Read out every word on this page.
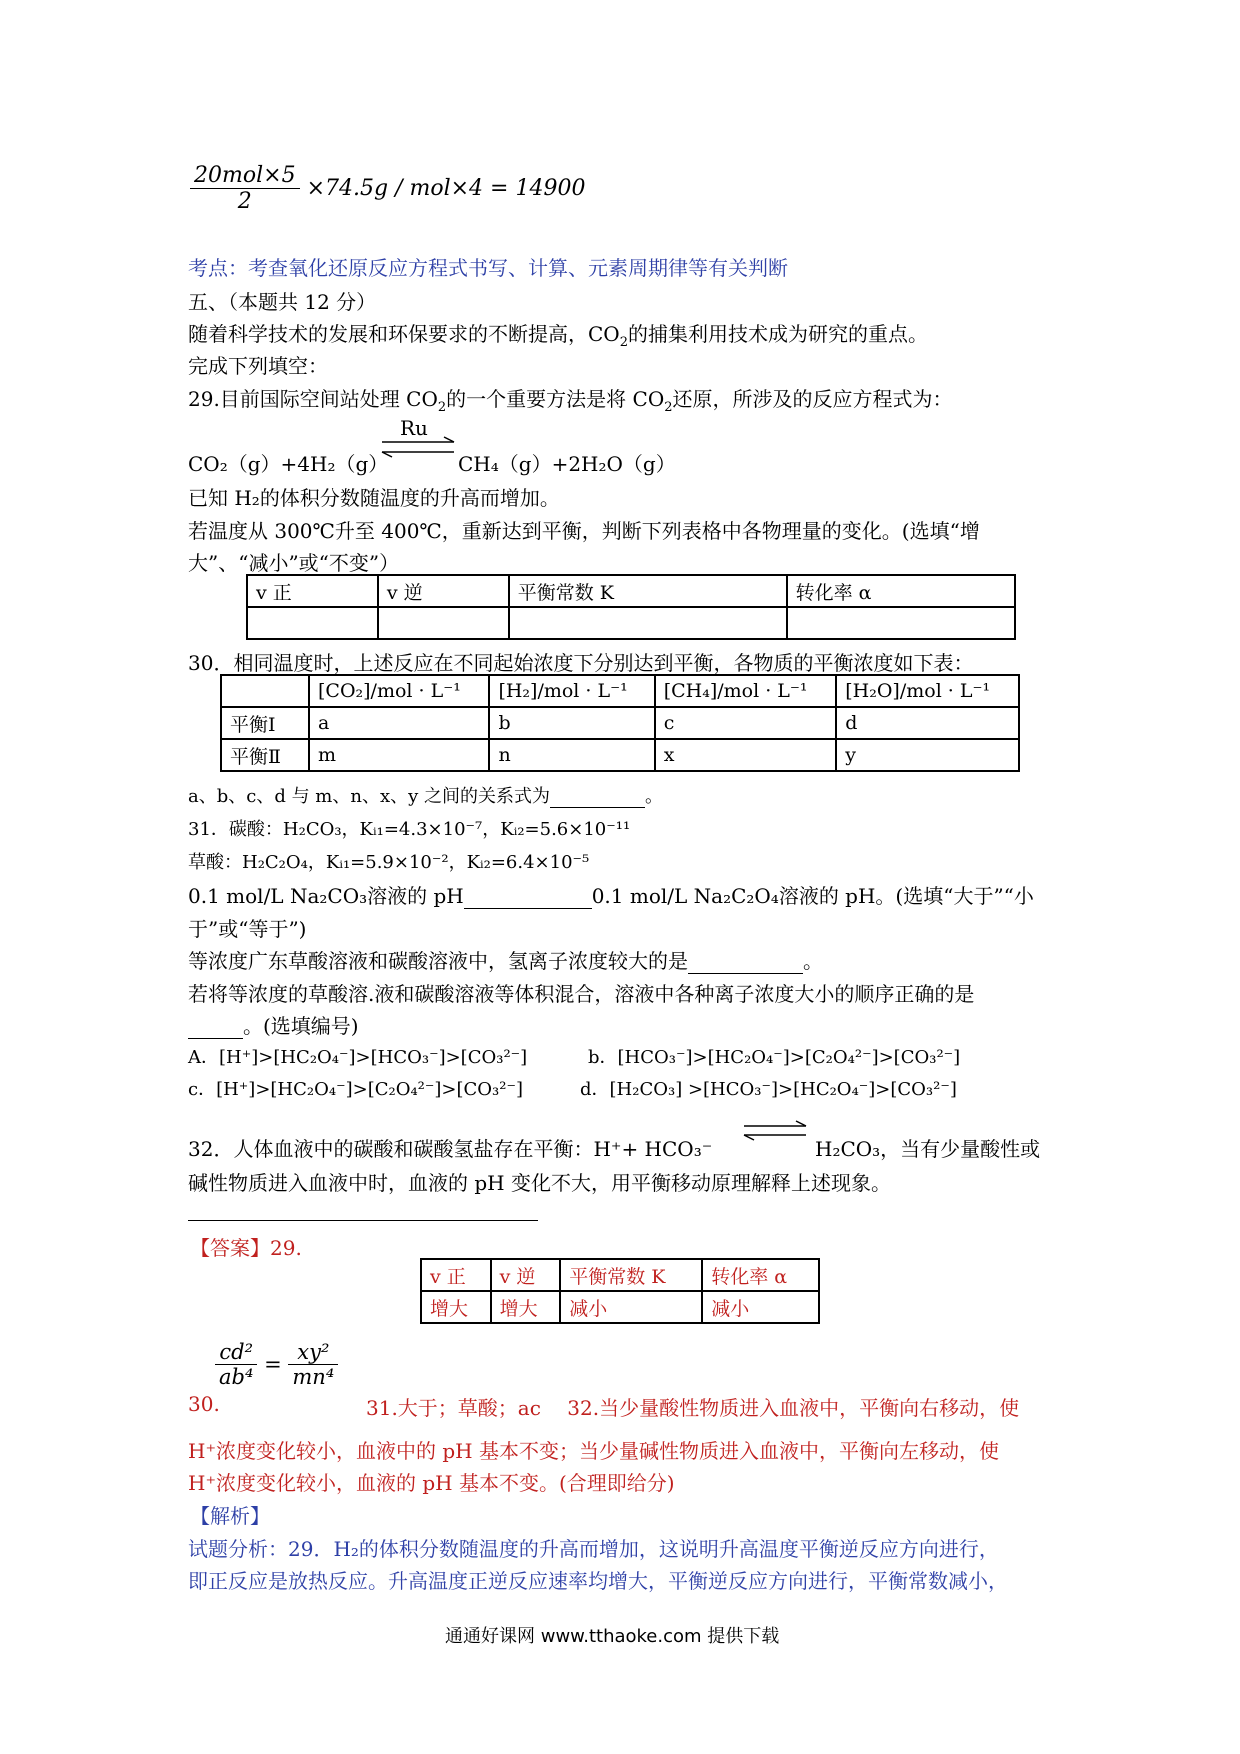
$\frac{\text{20mol×5}}{2} \times 74.5g / mol\times 4 = 14900$
考点：考查氧化还原反应方程式书写、计算、元素周期律等有关判断
五、（本题共 12 分）
随着科学技术的发展和环保要求的不断提高，$CO_2$的捕集利用技术成为研究的重点。
完成下列填空：
29.目前国际空间站处理 $CO_2$的一个重要方法是将 $CO_2$还原，所涉及的反应方程式为：
Ru
CO₂（g）+4H₂（g）	CH₄（g）+2H₂O（g）
已知 H₂的体积分数随温度的升高而增加。
若温度从 300℃升至 400℃，重新达到平衡，判断下列表格中各物理量的变化。(选填“增
大”、“减小”或“不变”）
v 正	v 逆	平衡常数 K	转化率 α

30．相同温度时，上述反应在不同起始浓度下分别达到平衡，各物质的平衡浓度如下表：
	[CO₂]/mol · L⁻¹	[H₂]/mol · L⁻¹	[CH₄]/mol · L⁻¹	[H₂O]/mol · L⁻¹
平衡Ⅰ	a	b	c	d
平衡Ⅱ	m	n	x	y
a、b、c、d 与 m、n、x、y 之间的关系式为	。
31．碳酸：H₂CO₃，Kᵢ₁=4.3×10⁻⁷，Kᵢ₂=5.6×10⁻¹¹
草酸：H₂C₂O₄，Kᵢ₁=5.9×10⁻²，Kᵢ₂=6.4×10⁻⁵
0.1 mol/L Na₂CO₃溶液的 pH	0.1 mol/L Na₂C₂O₄溶液的 pH。(选填“大于”“小
于”或“等于”)
等浓度广东草酸溶液和碳酸溶液中，氢离子浓度较大的是	。
若将等浓度的草酸溶.液和碳酸溶液等体积混合，溶液中各种离子浓度大小的顺序正确的是
。(选填编号)
A．[H⁺]>[HC₂O₄⁻]>[HCO₃⁻]>[CO₃²⁻]	b．[HCO₃⁻]>[HC₂O₄⁻]>[C₂O₄²⁻]>[CO₃²⁻]
c．[H⁺]>[HC₂O₄⁻]>[C₂O₄²⁻]>[CO₃²⁻]	d．[H₂CO₃] >[HCO₃⁻]>[HC₂O₄⁻]>[CO₃²⁻]
32．人体血液中的碳酸和碳酸氢盐存在平衡：H⁺+ HCO₃⁻	H₂CO₃，当有少量酸性或
碱性物质进入血液中时，血液的 pH 变化不大，用平衡移动原理解释上述现象。
【答案】29.
v 正	v 逆	平衡常数 K	转化率 α
增大	增大	减小	减小
$\frac{\text{cd²}}{\text{ab⁴}} = \frac{\text{xy²}}{\text{mn⁴}}$
30.	31.大于；草酸；ac　 32.当少量酸性物质进入血液中，平衡向右移动，使
H⁺浓度变化较小，血液中的 pH 基本不变；当少量碱性物质进入血液中，平衡向左移动，使
H⁺浓度变化较小，血液的 pH 基本不变。(合理即给分)
【解析】
试题分析：29．H₂的体积分数随温度的升高而增加，这说明升高温度平衡逆反应方向进行，
即正反应是放热反应。升高温度正逆反应速率均增大，平衡逆反应方向进行，平衡常数减小，
通通好课网 www.tthaoke.com 提供下载
